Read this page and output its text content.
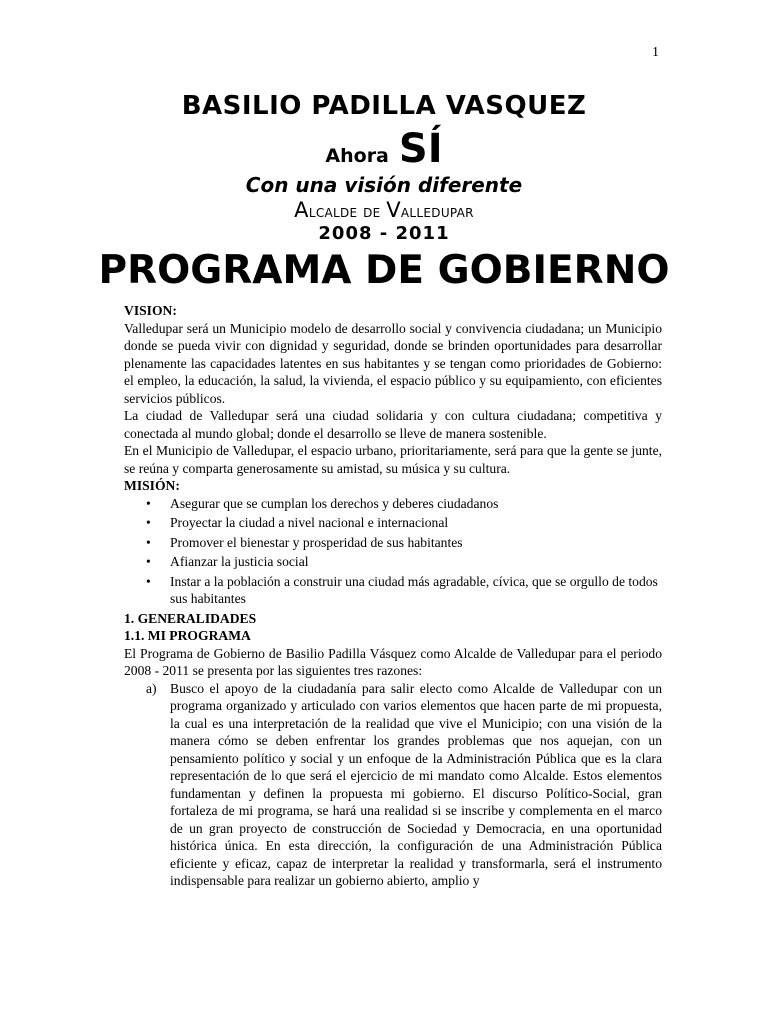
1
BASILIO PADILLA VASQUEZ
Ahora SÍ
Con una visión diferente
Alcalde de Valledupar
2008 - 2011
PROGRAMA DE GOBIERNO

VISION:

Valledupar será un Municipio modelo de desarrollo social y convivencia ciudadana; un Municipio donde se pueda vivir con dignidad y seguridad, donde se brinden oportunidades para desarrollar plenamente las capacidades latentes en sus habitantes y se tengan como prioridades de Gobierno: el empleo, la educación, la salud, la vivienda, el espacio público y su equipamiento, con eficientes servicios públicos.

La ciudad de Valledupar será una ciudad solidaria y con cultura ciudadana; competitiva y conectada al mundo global; donde el desarrollo se lleve de manera sostenible.

En el Municipio de Valledupar, el espacio urbano, prioritariamente, será para que la gente se junte, se reúna y comparta generosamente su amistad, su música y su cultura.

MISIÓN:

• Asegurar que se cumplan los derechos y deberes ciudadanos
• Proyectar la ciudad a nivel nacional e internacional
• Promover el bienestar y prosperidad de sus habitantes
• Afianzar la justicia social
• Instar a la población a construir una ciudad más agradable, cívica, que se orgullo de todos sus habitantes

1. GENERALIDADES

1.1. MI PROGRAMA

El Programa de Gobierno de Basilio Padilla Vásquez como Alcalde de Valledupar para el periodo 2008 - 2011 se presenta por las siguientes tres razones:

a) Busco el apoyo de la ciudadanía para salir electo como Alcalde de Valledupar con un programa organizado y articulado con varios elementos que hacen parte de mi propuesta, la cual es una interpretación de la realidad que vive el Municipio; con una visión de la manera cómo se deben enfrentar los grandes problemas que nos aquejan, con un pensamiento político y social y un enfoque de la Administración Pública que es la clara representación de lo que será el ejercicio de mi mandato como Alcalde. Estos elementos fundamentan y definen la propuesta mi gobierno. El discurso Político-Social, gran fortaleza de mi programa, se hará una realidad si se inscribe y complementa en el marco de un gran proyecto de construcción de Sociedad y Democracia, en una oportunidad histórica única. En esta dirección, la configuración de una Administración Pública eficiente y eficaz, capaz de interpretar la realidad y transformarla, será el instrumento indispensable para realizar un gobierno abierto, amplio y
